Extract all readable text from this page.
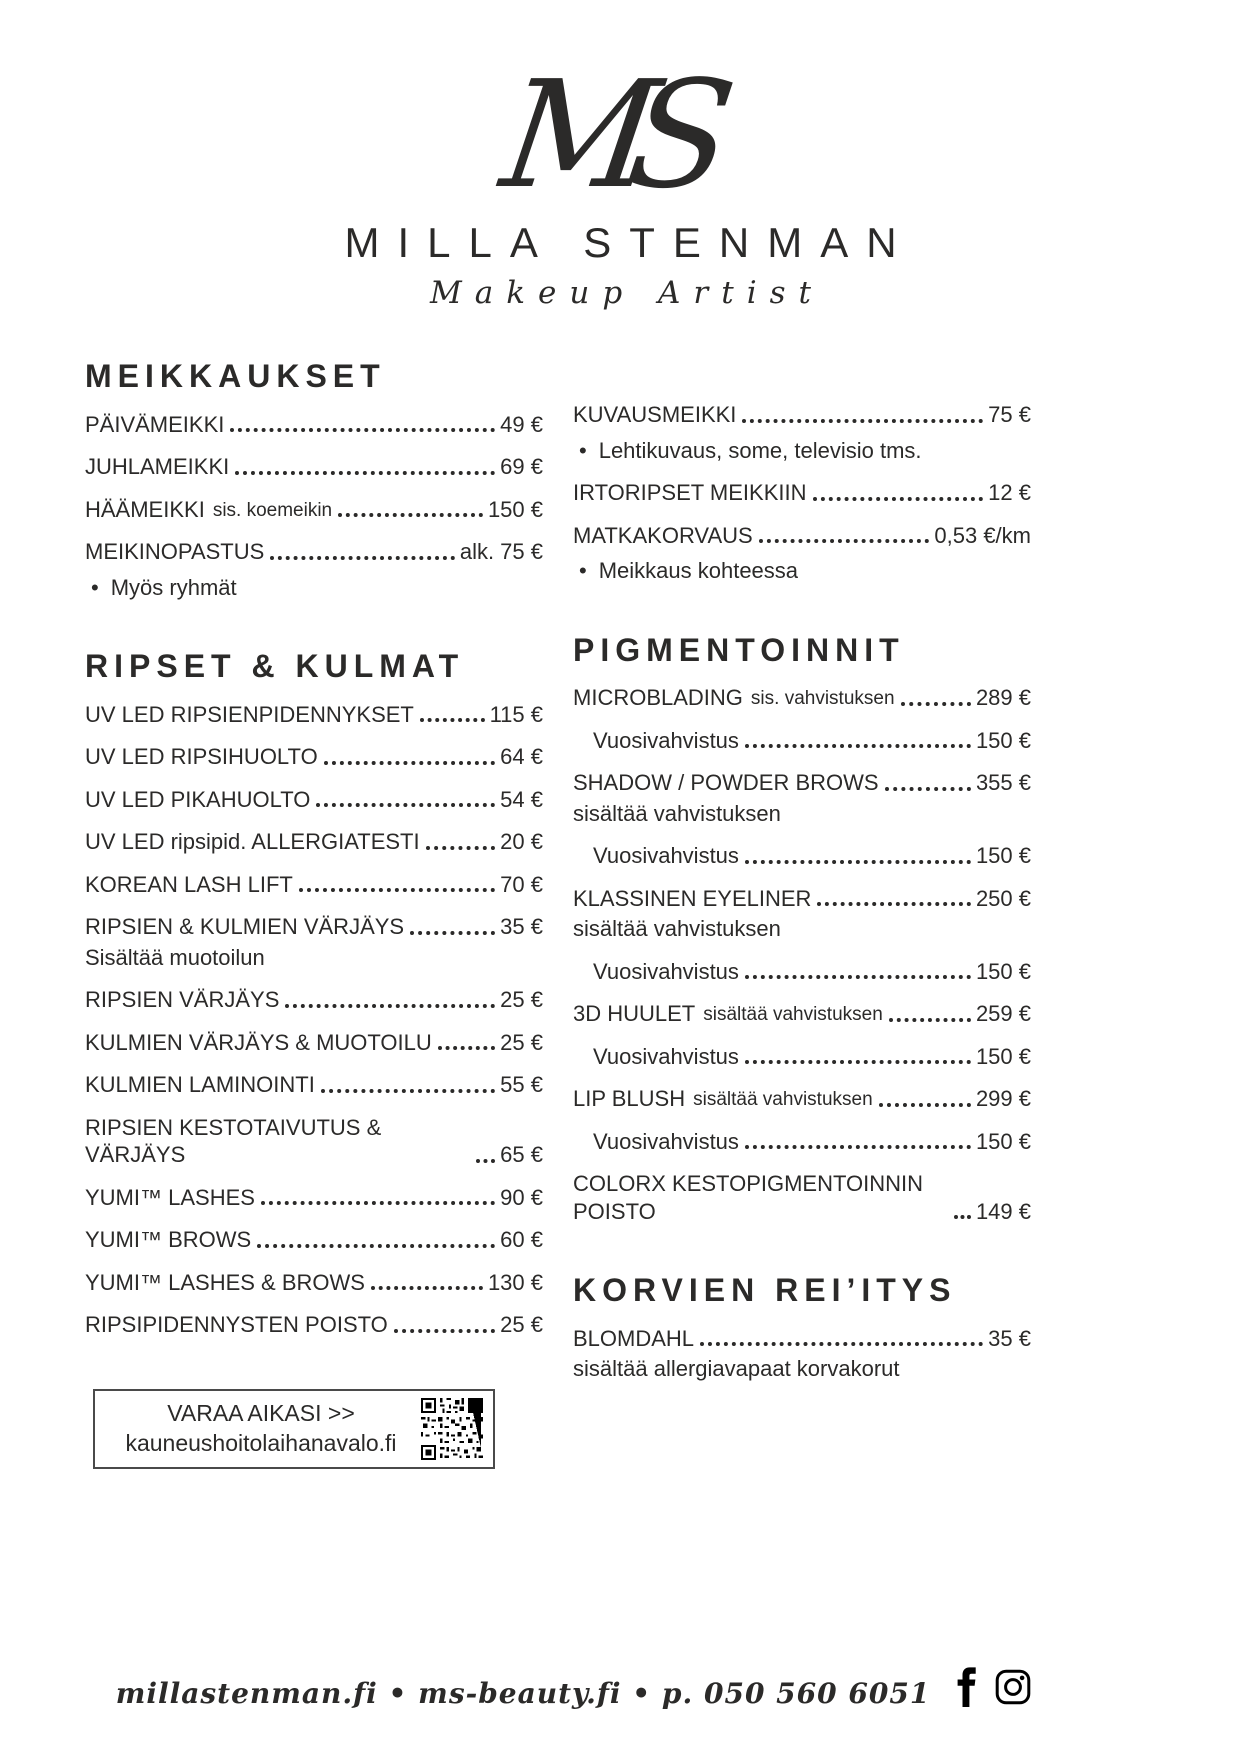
MS
MILLA STENMAN
Makeup Artist
MEIKKAUKSET
PÄIVÄMEIKKI	49 €
JUHLAMEIKKI	69 €
HÄÄMEIKKI sis. koemeikin	150 €
MEIKINOPASTUS	alk. 75 €
• Myös ryhmät
RIPSET & KULMAT
UV LED RIPSIENPIDENNYKSET	115 €
UV LED RIPSIHUOLTO	64 €
UV LED PIKAHUOLTO	54 €
UV LED ripsipid. ALLERGIATESTI	20 €
KOREAN LASH LIFT	70 €
RIPSIEN & KULMIEN VÄRJÄYS	35 €
Sisältää muotoilun
RIPSIEN VÄRJÄYS	25 €
KULMIEN VÄRJÄYS & MUOTOILU	25 €
KULMIEN LAMINOINTI	55 €
RIPSIEN KESTOTAIVUTUS & VÄRJÄYS	65 €
YUMI™ LASHES	90 €
YUMI™ BROWS	60 €
YUMI™ LASHES & BROWS	130 €
RIPSIPIDENNYSTEN POISTO	25 €
VARAA AIKASI >>
kauneushoitolaihanavalo.fi
KUVAUSMEIKKI	75 €
• Lehtikuvaus, some, televisio tms.
IRTORIPSET MEIKKIIN	12 €
MATKAKORVAUS	0,53 €/km
• Meikkaus kohteessa
PIGMENTOINNIT
MICROBLADING sis. vahvistuksen	289 €
Vuosivahvistus	150 €
SHADOW / POWDER BROWS	355 €
sisältää vahvistuksen
Vuosivahvistus	150 €
KLASSINEN EYELINER	250 €
sisältää vahvistuksen
Vuosivahvistus	150 €
3D HUULET sisältää vahvistuksen	259 €
Vuosivahvistus	150 €
LIP BLUSH sisältää vahvistuksen	299 €
Vuosivahvistus	150 €
COLORX KESTOPIGMENTOINNIN POISTO	149 €
KORVIEN REI’ITYS
BLOMDAHL	35 €
sisältää allergiavapaat korvakorut
millastenman.fi • ms-beauty.fi • p. 050 560 6051
